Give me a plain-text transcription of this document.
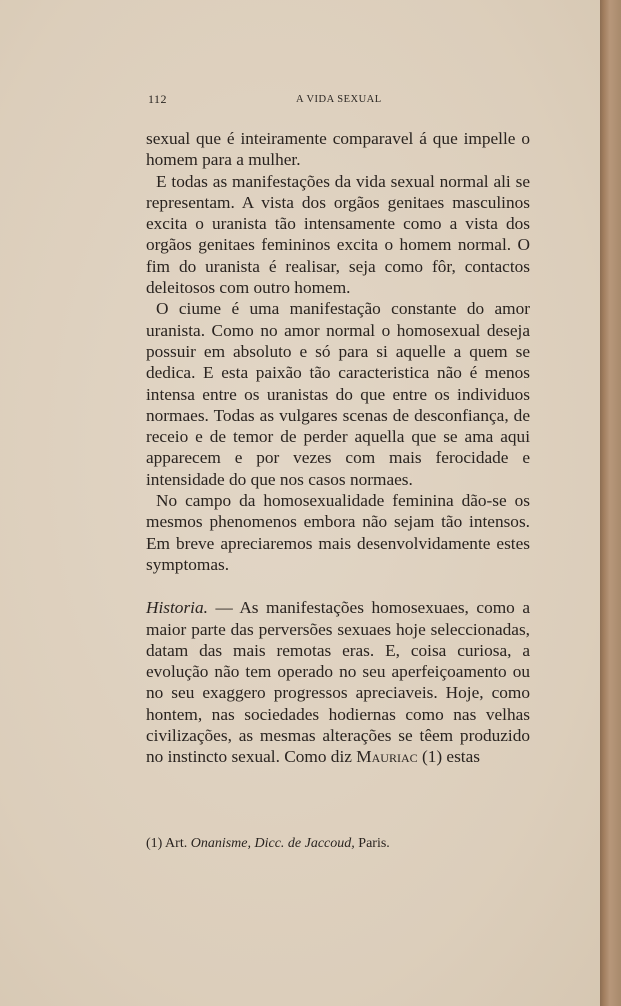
112	A VIDA SEXUAL

sexual que é inteiramente comparavel á que impelle o homem para a mulher.

E todas as manifestações da vida sexual normal ali se representam. A vista dos orgãos genitaes masculinos excita o uranista tão intensamente como a vista dos orgãos genitaes femininos excita o homem normal. O fim do uranista é realisar, seja como fôr, contactos deleitosos com outro homem.

O ciume é uma manifestação constante do amor uranista. Como no amor normal o homosexual deseja possuir em absoluto e só para si aquelle a quem se dedica. E esta paixão tão caracteristica não é menos intensa entre os uranistas do que entre os individuos normaes. Todas as vulgares scenas de desconfiança, de receio e de temor de perder aquella que se ama aqui apparecem e por vezes com mais ferocidade e intensidade do que nos casos normaes.

No campo da homosexualidade feminina dão-se os mesmos phenomenos embora não sejam tão intensos. Em breve apreciaremos mais desenvolvidamente estes symptomas.

Historia. — As manifestações homosexuaes, como a maior parte das perversões sexuaes hoje seleccionadas, datam das mais remotas eras. E, coisa curiosa, a evolução não tem operado no seu aperfeiçoamento ou no seu exaggero progressos apreciaveis. Hoje, como hontem, nas sociedades hodiernas como nas velhas civilizações, as mesmas alterações se têem produzido no instincto sexual. Como diz Mauriac (1) estas

(1) Art. Onanisme, Dicc. de Jaccoud, Paris.
